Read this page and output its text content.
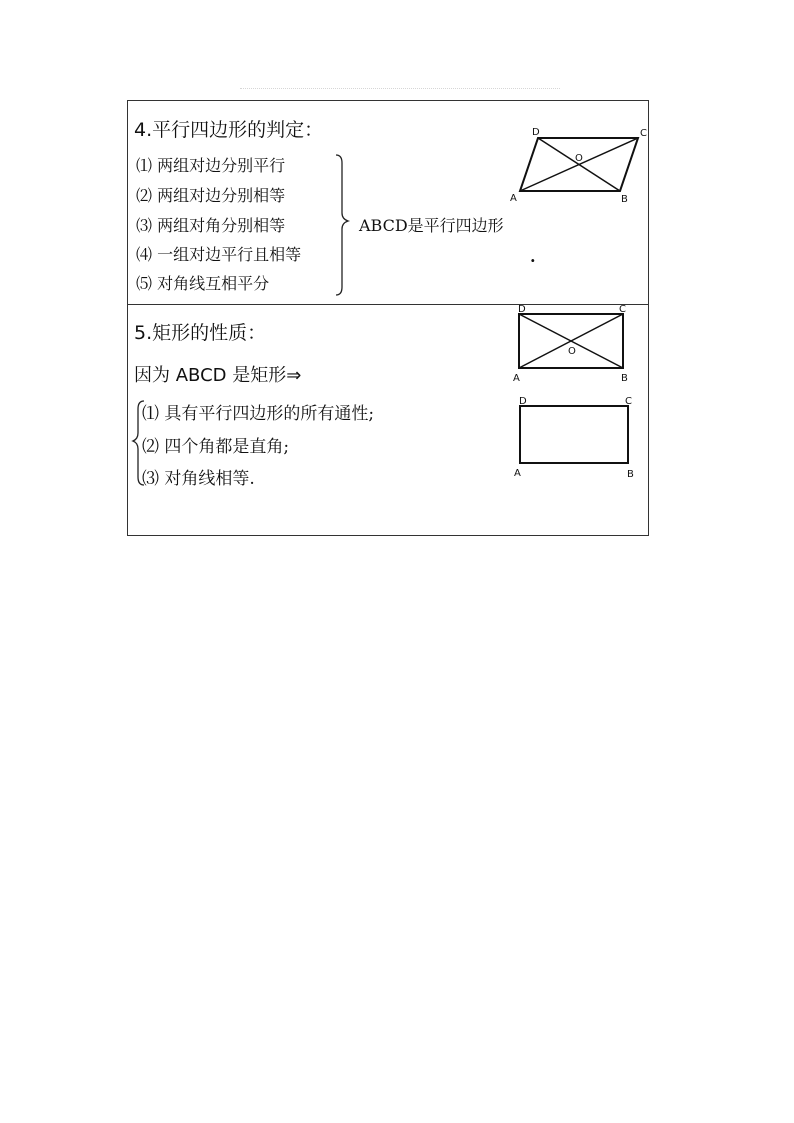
4.平行四边形的判定：
⑴ 两组对边分别平行
⑵ 两组对边分别相等
⑶ 两组对角分别相等
⑷ 一组对边平行且相等
⑸ 对角线互相平分
ABCD是平行四边形
.
D	C
O
A	B
5.矩形的性质：
因为 ABCD 是矩形⇒
⑴ 具有平行四边形的所有通性;
⑵ 四个角都是直角;
⑶ 对角线相等.
D	C
O
A	B
D	C
A	B
